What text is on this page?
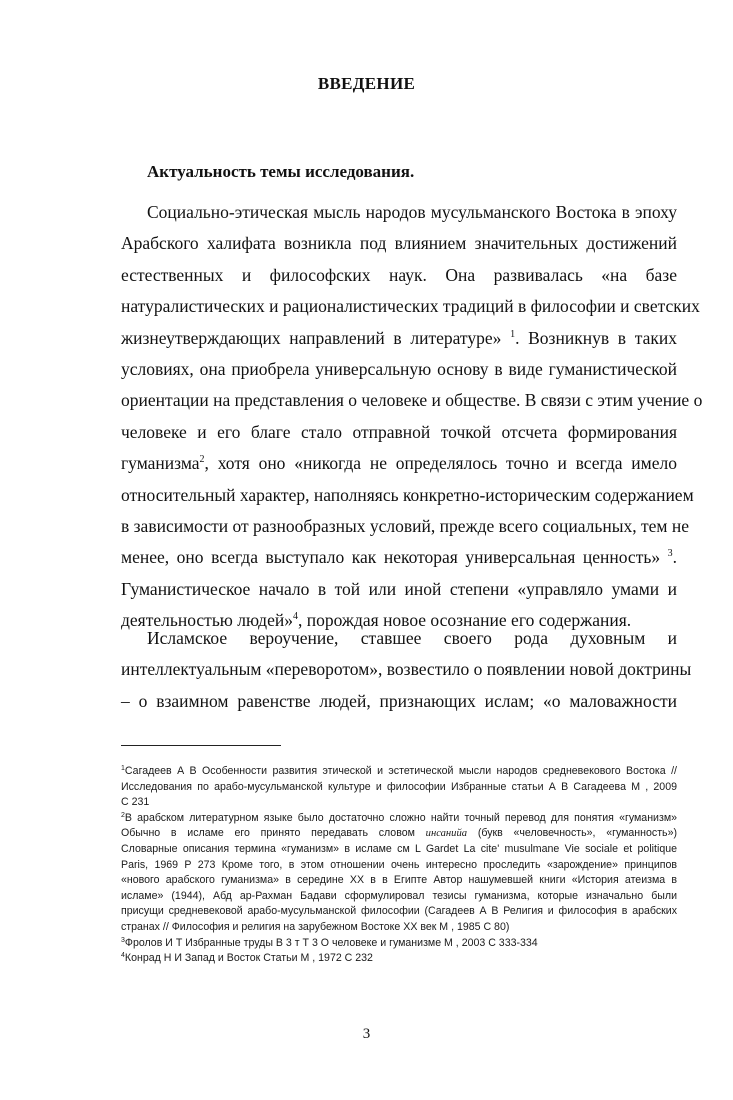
ВВЕДЕНИЕ
Актуальность темы исследования.
Социально-этическая мысль народов мусульманского Востока в эпоху
Арабского халифата возникла под влиянием значительных достижений
естественных и философских наук. Она развивалась «на базе
натуралистических и рационалистических традиций в философии и светских
жизнеутверждающих направлений в литературе» $^1$. Возникнув в таких
условиях, она приобрела универсальную основу в виде гуманистической
ориентации на представления о человеке и обществе. В связи с этим учение о
человеке и его благе стало отправной точкой отсчета формирования
гуманизма$^2$, хотя оно «никогда не определялось точно и всегда имело
относительный характер, наполняясь конкретно-историческим содержанием
в зависимости от разнообразных условий, прежде всего социальных, тем не
менее, оно всегда выступало как некоторая универсальная ценность» $^3$.
Гуманистическое начало в той или иной степени «управляло умами и
деятельностью людей»$^4$, порождая новое осознание его содержания.
Исламское вероучение, ставшее своего рода духовным и
интеллектуальным «переворотом», возвестило о появлении новой доктрины
– о взаимном равенстве людей, признающих ислам; «о маловажности
$^1$Сагадеев А В Особенности развития этической и эстетической мысли народов средневекового Востока //
Исследования по арабо-мусульманской культуре и философии Избранные статьи А В Сагадеева М , 2009
С 231
$^2$В арабском литературном языке было достаточно сложно найти точный перевод для понятия «гуманизм»
Обычно в исламе его принято передавать словом инсанийа (букв «человечность», «гуманность»)
Словарные описания термина «гуманизм» в исламе см L Gardet La cite' musulmane Vie sociale et politique
Paris, 1969 P 273 Кроме того, в этом отношении очень интересно проследить «зарождение» принципов
«нового арабского гуманизма» в середине XX в в Египте Автор нашумевшей книги «История атеизма в
исламе» (1944), Абд ар-Рахман Бадави сформулировал тезисы гуманизма, которые изначально были
присущи средневековой арабо-мусульманской философии (Сагадеев А В Религия и философия в арабских
странах // Философия и религия на зарубежном Востоке XX век М , 1985 С 80)
$^3$Фролов И Т Избранные труды В 3 т Т 3 О человеке и гуманизме М , 2003 С 333-334
$^4$Конрад Н И Запад и Восток Статьи М , 1972 С 232
3
